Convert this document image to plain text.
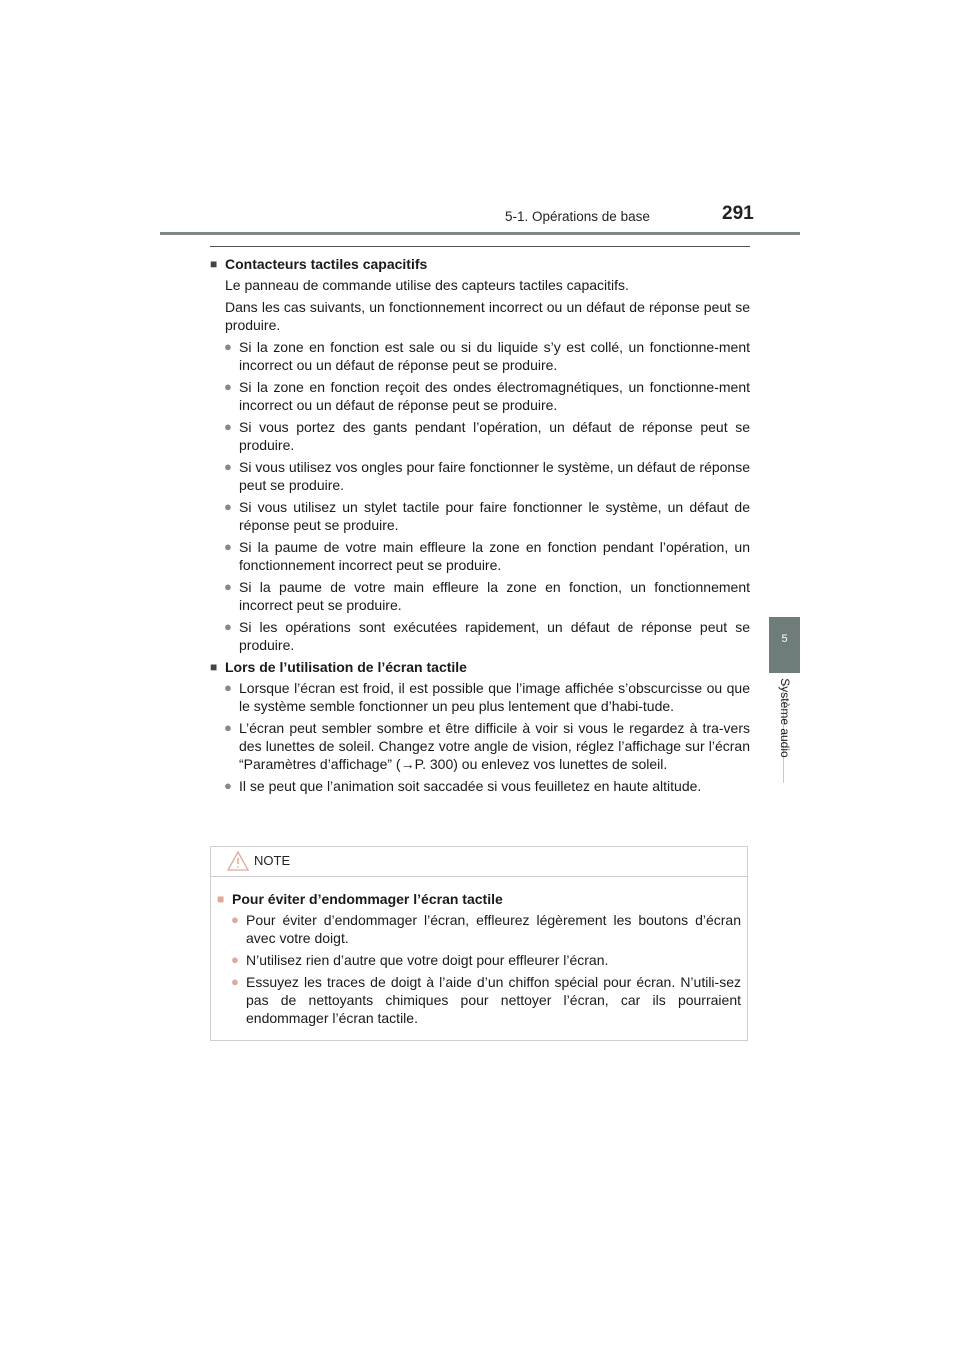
5-1. Opérations de base	291
5
Système audio
■ Contacteurs tactiles capacitifs
Le panneau de commande utilise des capteurs tactiles capacitifs.
Dans les cas suivants, un fonctionnement incorrect ou un défaut de réponse peut se produire.
● Si la zone en fonction est sale ou si du liquide s’y est collé, un fonctionne-ment incorrect ou un défaut de réponse peut se produire.
● Si la zone en fonction reçoit des ondes électromagnétiques, un fonctionne-ment incorrect ou un défaut de réponse peut se produire.
● Si vous portez des gants pendant l’opération, un défaut de réponse peut se produire.
● Si vous utilisez vos ongles pour faire fonctionner le système, un défaut de réponse peut se produire.
● Si vous utilisez un stylet tactile pour faire fonctionner le système, un défaut de réponse peut se produire.
● Si la paume de votre main effleure la zone en fonction pendant l’opération, un fonctionnement incorrect peut se produire.
● Si la paume de votre main effleure la zone en fonction, un fonctionnement incorrect peut se produire.
● Si les opérations sont exécutées rapidement, un défaut de réponse peut se produire.
■ Lors de l’utilisation de l’écran tactile
● Lorsque l’écran est froid, il est possible que l’image affichée s’obscurcisse ou que le système semble fonctionner un peu plus lentement que d’habi-tude.
● L’écran peut sembler sombre et être difficile à voir si vous le regardez à tra-vers des lunettes de soleil. Changez votre angle de vision, réglez l’affichage sur l’écran “Paramètres d’affichage” (→P. 300) ou enlevez vos lunettes de soleil.
● Il se peut que l’animation soit saccadée si vous feuilletez en haute altitude.
NOTE
■ Pour éviter d’endommager l’écran tactile
● Pour éviter d’endommager l’écran, effleurez légèrement les boutons d’écran avec votre doigt.
● N’utilisez rien d’autre que votre doigt pour effleurer l’écran.
● Essuyez les traces de doigt à l’aide d’un chiffon spécial pour écran. N’utili-sez pas de nettoyants chimiques pour nettoyer l’écran, car ils pourraient endommager l’écran tactile.
